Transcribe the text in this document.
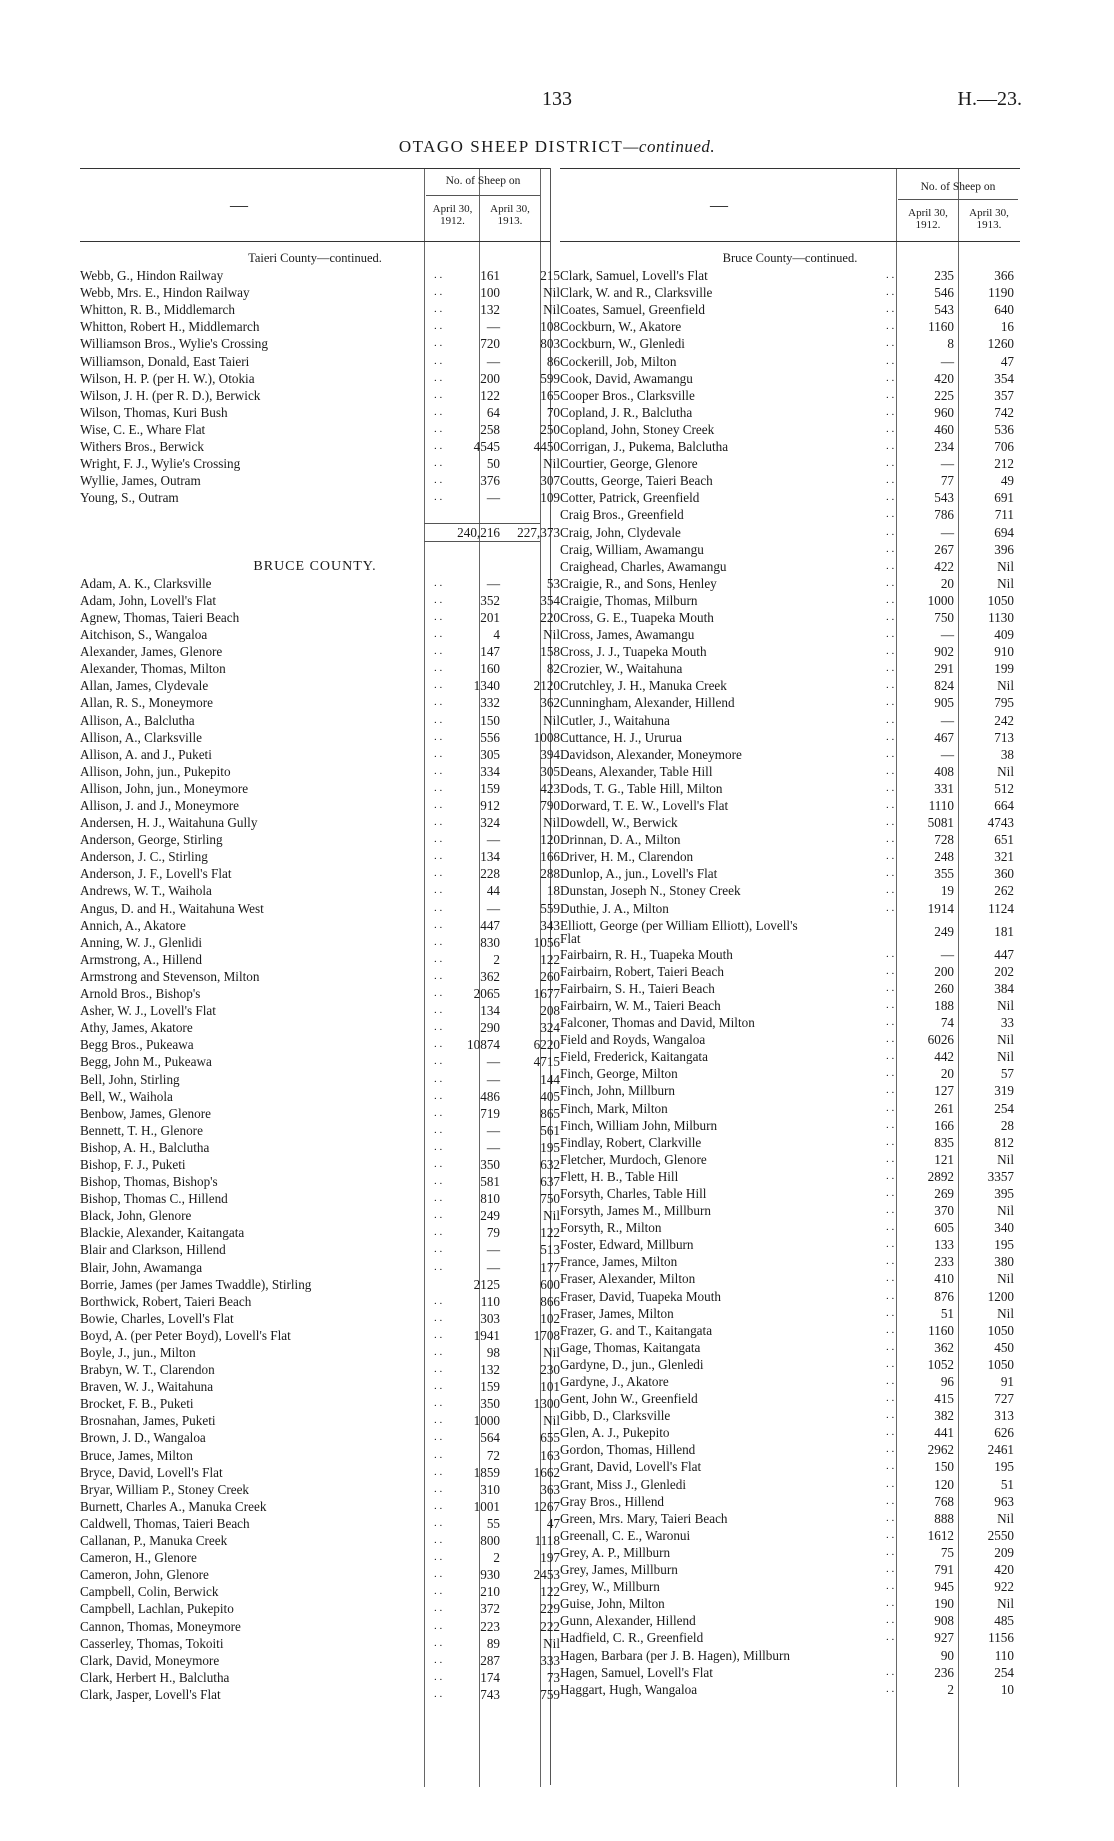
133	H.—23.
OTAGO SHEEP DISTRICT—continued.
—
No. of Sheep on
April 30,
1912.
April 30,
1913.
Taieri County—continued.
Webb, G., Hindon Railway	. .	161	215
Webb, Mrs. E., Hindon Railway	. .	100	Nil
Whitton, R. B., Middlemarch	. .	132	Nil
Whitton, Robert H., Middlemarch	. .	—	108
Williamson Bros., Wylie's Crossing	. .	720	803
Williamson, Donald, East Taieri	. .	—	86
Wilson, H. P. (per H. W.), Otokia	. .	200	599
Wilson, J. H. (per R. D.), Berwick	. .	122	165
Wilson, Thomas, Kuri Bush	. .	64	70
Wise, C. E., Whare Flat	. .	258	250
Withers Bros., Berwick	. .	4545	4450
Wright, F. J., Wylie's Crossing	. .	50	Nil
Wyllie, James, Outram	. .	376	307
Young, S., Outram	. .	—	109
240,216	227,373
BRUCE COUNTY.
Adam, A. K., Clarksville	. .	—	53
Adam, John, Lovell's Flat	. .	352	354
Agnew, Thomas, Taieri Beach	. .	201	220
Aitchison, S., Wangaloa	. .	4	Nil
Alexander, James, Glenore	. .	147	158
Alexander, Thomas, Milton	. .	160	82
Allan, James, Clydevale	. .	1340	2120
Allan, R. S., Moneymore	. .	332	362
Allison, A., Balclutha	. .	150	Nil
Allison, A., Clarksville	. .	556	1008
Allison, A. and J., Puketi	. .	305	394
Allison, John, jun., Pukepito	. .	334	305
Allison, John, jun., Moneymore	. .	159	423
Allison, J. and J., Moneymore	. .	912	790
Andersen, H. J., Waitahuna Gully	. .	324	Nil
Anderson, George, Stirling	. .	—	120
Anderson, J. C., Stirling	. .	134	166
Anderson, J. F., Lovell's Flat	. .	228	288
Andrews, W. T., Waihola	. .	44	18
Angus, D. and H., Waitahuna West	. .	—	559
Annich, A., Akatore	. .	447	343
Anning, W. J., Glenlidi	. .	830	1056
Armstrong, A., Hillend	. .	2	122
Armstrong and Stevenson, Milton	. .	362	260
Arnold Bros., Bishop's	. .	2065	1677
Asher, W. J., Lovell's Flat	. .	134	208
Athy, James, Akatore	. .	290	324
Begg Bros., Pukeawa	. .	10874	6220
Begg, John M., Pukeawa	. .	—	4715
Bell, John, Stirling	. .	—	144
Bell, W., Waihola	. .	486	405
Benbow, James, Glenore	. .	719	865
Bennett, T. H., Glenore	. .	—	561
Bishop, A. H., Balclutha	. .	—	195
Bishop, F. J., Puketi	. .	350	632
Bishop, Thomas, Bishop's	. .	581	637
Bishop, Thomas C., Hillend	. .	810	750
Black, John, Glenore	. .	249	Nil
Blackie, Alexander, Kaitangata	. .	79	122
Blair and Clarkson, Hillend	. .	—	513
Blair, John, Awamanga	. .	—	177
Borrie, James (per James Twaddle), Stirling	2125	600
Borthwick, Robert, Taieri Beach	. .	110	866
Bowie, Charles, Lovell's Flat	. .	303	102
Boyd, A. (per Peter Boyd), Lovell's Flat	. .	1941	1708
Boyle, J., jun., Milton	. .	98	Nil
Brabyn, W. T., Clarendon	. .	132	230
Braven, W. J., Waitahuna	. .	159	101
Brocket, F. B., Puketi	. .	350	1300
Brosnahan, James, Puketi	. .	1000	Nil
Brown, J. D., Wangaloa	. .	564	655
Bruce, James, Milton	. .	72	163
Bryce, David, Lovell's Flat	. .	1859	1662
Bryar, William P., Stoney Creek	. .	310	363
Burnett, Charles A., Manuka Creek	. .	1001	1267
Caldwell, Thomas, Taieri Beach	. .	55	47
Callanan, P., Manuka Creek	. .	800	1118
Cameron, H., Glenore	. .	2	197
Cameron, John, Glenore	. .	930	2453
Campbell, Colin, Berwick	. .	210	122
Campbell, Lachlan, Pukepito	. .	372	229
Cannon, Thomas, Moneymore	. .	223	222
Casserley, Thomas, Tokoiti	. .	89	Nil
Clark, David, Moneymore	. .	287	333
Clark, Herbert H., Balclutha	. .	174	73
Clark, Jasper, Lovell's Flat	. .	743	759
—
No. of Sheep on
April 30,
1912.
April 30,
1913.
Bruce County—continued.
Clark, Samuel, Lovell's Flat	. .	235	366
Clark, W. and R., Clarksville	. .	546	1190
Coates, Samuel, Greenfield	. .	543	640
Cockburn, W., Akatore	. .	1160	16
Cockburn, W., Glenledi	. .	8	1260
Cockerill, Job, Milton	. .	—	47
Cook, David, Awamangu	. .	420	354
Cooper Bros., Clarksville	. .	225	357
Copland, J. R., Balclutha	. .	960	742
Copland, John, Stoney Creek	. .	460	536
Corrigan, J., Pukema, Balclutha	. .	234	706
Courtier, George, Glenore	. .	—	212
Coutts, George, Taieri Beach	. .	77	49
Cotter, Patrick, Greenfield	. .	543	691
Craig Bros., Greenfield	. .	786	711
Craig, John, Clydevale	. .	—	694
Craig, William, Awamangu	. .	267	396
Craighead, Charles, Awamangu	. .	422	Nil
Craigie, R., and Sons, Henley	. .	20	Nil
Craigie, Thomas, Milburn	. .	1000	1050
Cross, G. E., Tuapeka Mouth	. .	750	1130
Cross, James, Awamangu	. .	—	409
Cross, J. J., Tuapeka Mouth	. .	902	910
Crozier, W., Waitahuna	. .	291	199
Crutchley, J. H., Manuka Creek	. .	824	Nil
Cunningham, Alexander, Hillend	. .	905	795
Cutler, J., Waitahuna	. .	—	242
Cuttance, H. J., Ururua	. .	467	713
Davidson, Alexander, Moneymore	. .	—	38
Deans, Alexander, Table Hill	. .	408	Nil
Dods, T. G., Table Hill, Milton	. .	331	512
Dorward, T. E. W., Lovell's Flat	. .	1110	664
Dowdell, W., Berwick	. .	5081	4743
Drinnan, D. A., Milton	. .	728	651
Driver, H. M., Clarendon	. .	248	321
Dunlop, A., jun., Lovell's Flat	. .	355	360
Dunstan, Joseph N., Stoney Creek	. .	19	262
Duthie, J. A., Milton	. .	1914	1124
Elliott, George (per William Elliott), Lovell's
Flat	249	181
Fairbairn, R. H., Tuapeka Mouth	. .	—	447
Fairbairn, Robert, Taieri Beach	. .	200	202
Fairbairn, S. H., Taieri Beach	. .	260	384
Fairbairn, W. M., Taieri Beach	. .	188	Nil
Falconer, Thomas and David, Milton	. .	74	33
Field and Royds, Wangaloa	. .	6026	Nil
Field, Frederick, Kaitangata	. .	442	Nil
Finch, George, Milton	. .	20	57
Finch, John, Millburn	. .	127	319
Finch, Mark, Milton	. .	261	254
Finch, William John, Milburn	. .	166	28
Findlay, Robert, Clarkville	. .	835	812
Fletcher, Murdoch, Glenore	. .	121	Nil
Flett, H. B., Table Hill	. .	2892	3357
Forsyth, Charles, Table Hill	. .	269	395
Forsyth, James M., Millburn	. .	370	Nil
Forsyth, R., Milton	. .	605	340
Foster, Edward, Millburn	. .	133	195
France, James, Milton	. .	233	380
Fraser, Alexander, Milton	. .	410	Nil
Fraser, David, Tuapeka Mouth	. .	876	1200
Fraser, James, Milton	. .	51	Nil
Frazer, G. and T., Kaitangata	. .	1160	1050
Gage, Thomas, Kaitangata	. .	362	450
Gardyne, D., jun., Glenledi	. .	1052	1050
Gardyne, J., Akatore	. .	96	91
Gent, John W., Greenfield	. .	415	727
Gibb, D., Clarksville	. .	382	313
Glen, A. J., Pukepito	. .	441	626
Gordon, Thomas, Hillend	. .	2962	2461
Grant, David, Lovell's Flat	. .	150	195
Grant, Miss J., Glenledi	. .	120	51
Gray Bros., Hillend	. .	768	963
Green, Mrs. Mary, Taieri Beach	. .	888	Nil
Greenall, C. E., Waronui	. .	1612	2550
Grey, A. P., Millburn	. .	75	209
Grey, James, Millburn	. .	791	420
Grey, W., Millburn	. .	945	922
Guise, John, Milton	. .	190	Nil
Gunn, Alexander, Hillend	. .	908	485
Hadfield, C. R., Greenfield	. .	927	1156
Hagen, Barbara (per J. B. Hagen), Millburn	90	110
Hagen, Samuel, Lovell's Flat	. .	236	254
Haggart, Hugh, Wangaloa	. .	2	10
